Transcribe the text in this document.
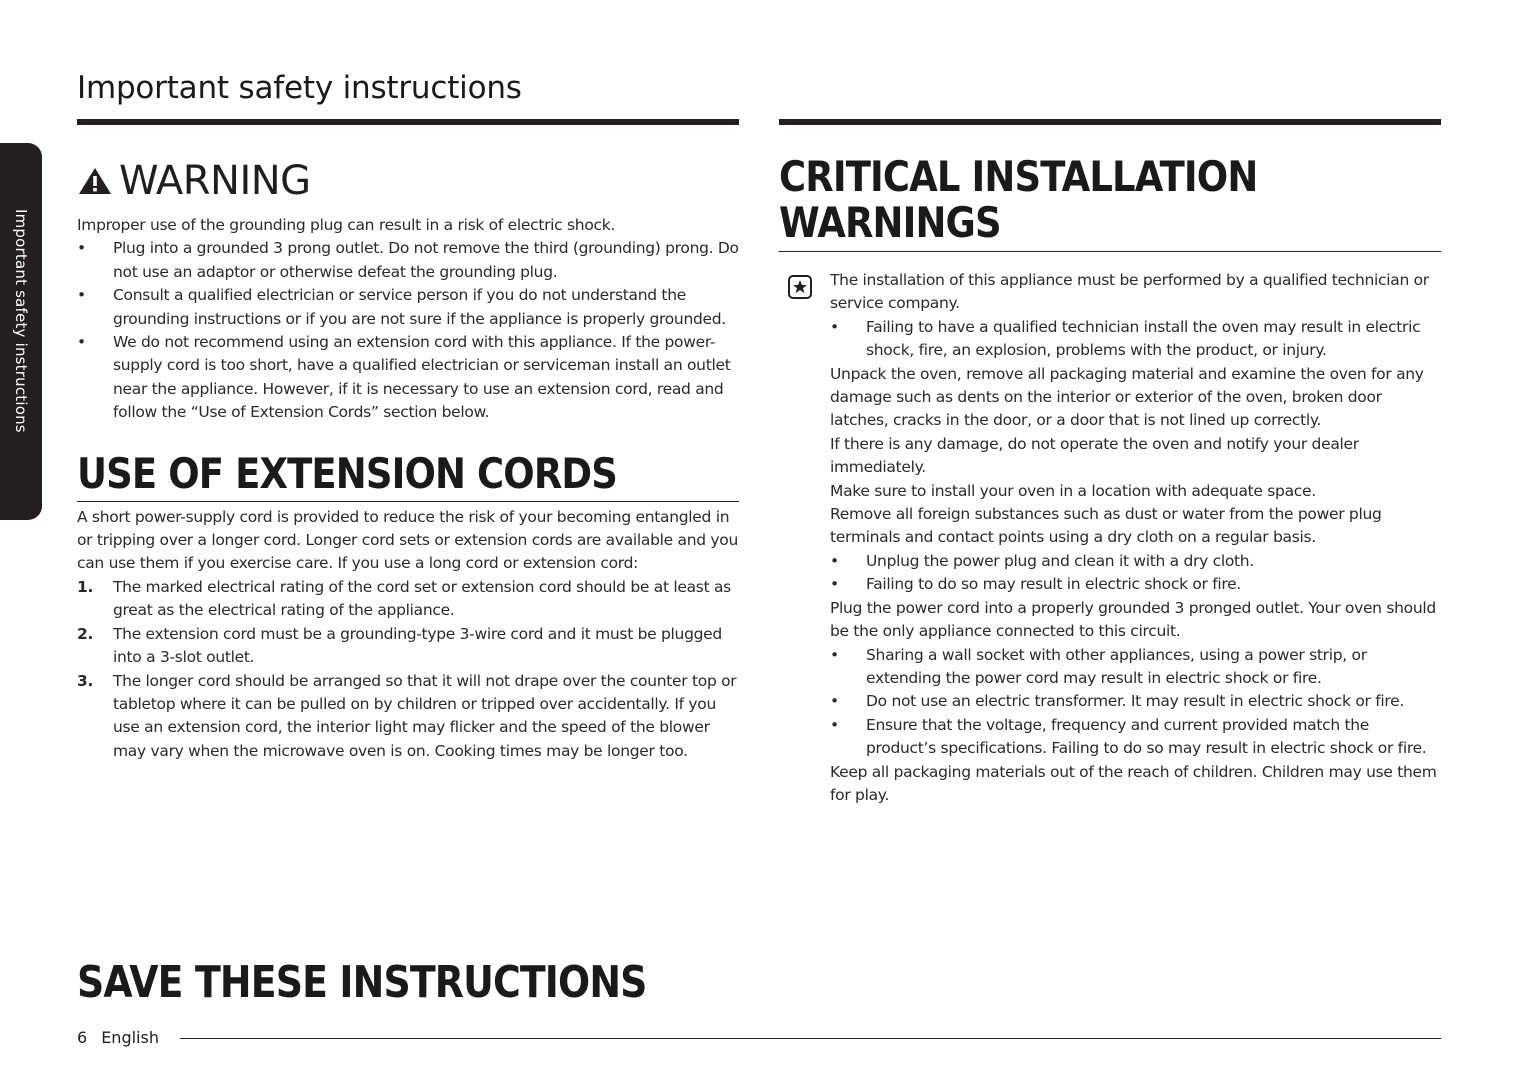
Important safety instructions
Important safety instructions
WARNING

Improper use of the grounding plug can result in a risk of electric shock.

•	Plug into a grounded 3 prong outlet. Do not remove the third (grounding) prong. Do not use an adaptor or otherwise defeat the grounding plug.
•	Consult a qualified electrician or service person if you do not understand the grounding instructions or if you are not sure if the appliance is properly grounded.
•	We do not recommend using an extension cord with this appliance. If the power-supply cord is too short, have a qualified electrician or serviceman install an outlet near the appliance. However, if it is necessary to use an extension cord, read and follow the “Use of Extension Cords” section below.
USE OF EXTENSION CORDS

A short power-supply cord is provided to reduce the risk of your becoming entangled in or tripping over a longer cord. Longer cord sets or extension cords are available and you can use them if you exercise care. If you use a long cord or extension cord:

1.	The marked electrical rating of the cord set or extension cord should be at least as great as the electrical rating of the appliance.
2.	The extension cord must be a grounding-type 3-wire cord and it must be plugged into a 3-slot outlet.
3.	The longer cord should be arranged so that it will not drape over the counter top or tabletop where it can be pulled on by children or tripped over accidentally. If you use an extension cord, the interior light may flicker and the speed of the blower may vary when the microwave oven is on. Cooking times may be longer too.
CRITICAL INSTALLATION
WARNINGS

The installation of this appliance must be performed by a qualified technician or service company.

•	Failing to have a qualified technician install the oven may result in electric shock, fire, an explosion, problems with the product, or injury.

Unpack the oven, remove all packaging material and examine the oven for any damage such as dents on the interior or exterior of the oven, broken door latches, cracks in the door, or a door that is not lined up correctly.

If there is any damage, do not operate the oven and notify your dealer immediately.

Make sure to install your oven in a location with adequate space.

Remove all foreign substances such as dust or water from the power plug terminals and contact points using a dry cloth on a regular basis.

•	Unplug the power plug and clean it with a dry cloth.
•	Failing to do so may result in electric shock or fire.

Plug the power cord into a properly grounded 3 pronged outlet. Your oven should be the only appliance connected to this circuit.

•	Sharing a wall socket with other appliances, using a power strip, or extending the power cord may result in electric shock or fire.
•	Do not use an electric transformer. It may result in electric shock or fire.
•	Ensure that the voltage, frequency and current provided match the product’s specifications. Failing to do so may result in electric shock or fire.

Keep all packaging materials out of the reach of children. Children may use them for play.

SAVE THESE INSTRUCTIONS
6 English
